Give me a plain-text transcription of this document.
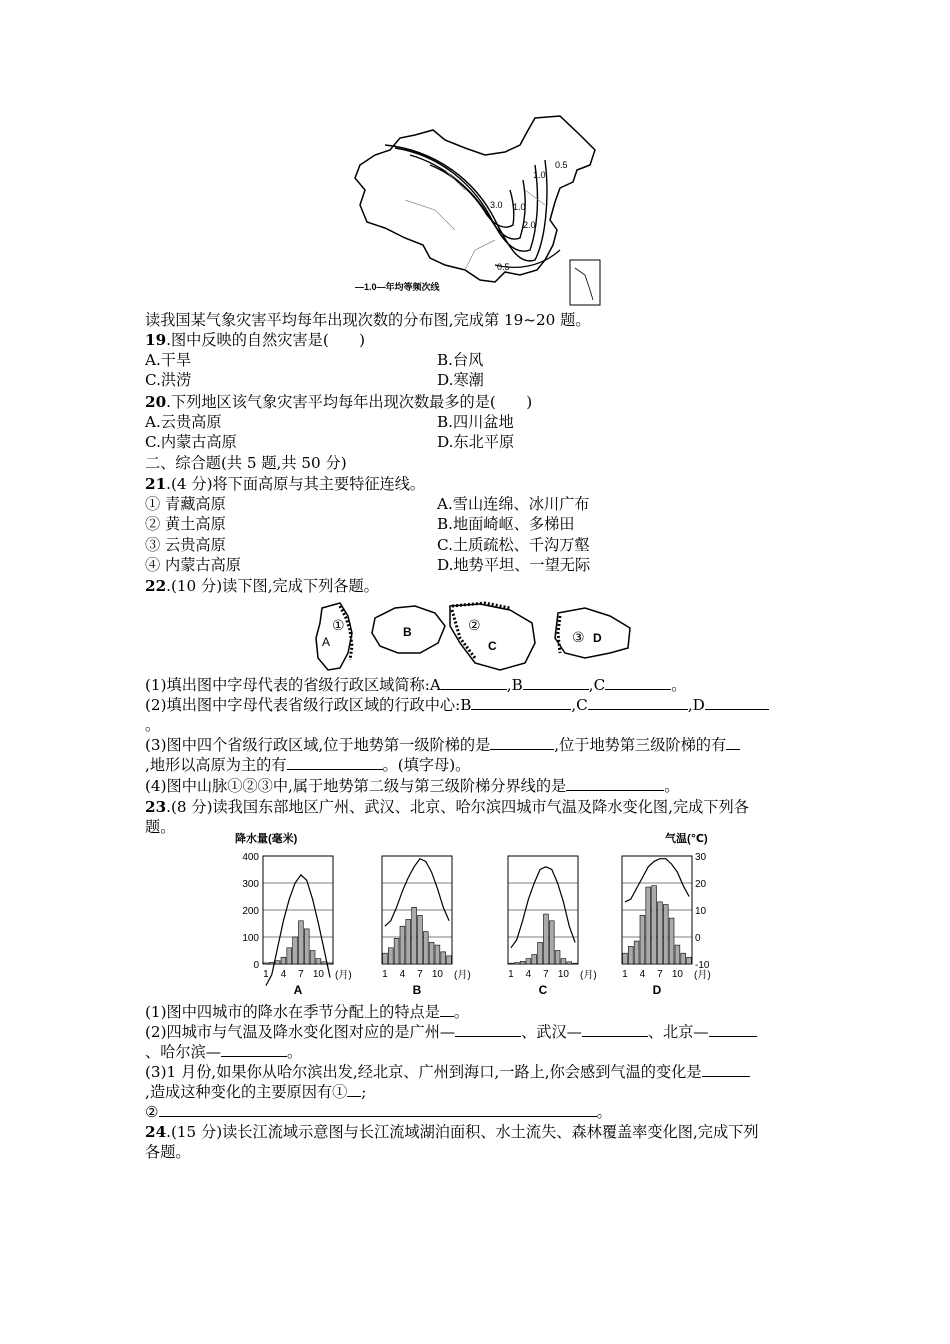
0.5
1.0
3.0
2.0
1.0
0.5
—1.0—年均等频次线
读我国某气象灾害平均每年出现次数的分布图,完成第 19~20 题。
19.图中反映的自然灾害是(　　)
A.干旱	B.台风
C.洪涝	D.寒潮
20.下列地区该气象灾害平均每年出现次数最多的是(　　)
A.云贵高原	B.四川盆地
C.内蒙古高原	D.东北平原
二、综合题(共 5 题,共 50 分)
21.(4 分)将下面高原与其主要特征连线。
① 青藏高原	A.雪山连绵、冰川广布
② 黄土高原	B.地面崎岖、多梯田
③ 云贵高原	C.土质疏松、千沟万壑
④ 内蒙古高原	D.地势平坦、一望无际
22.(10 分)读下图,完成下列各题。
①
A
B	②
C
③ D
(1)填出图中字母代表的省级行政区域简称:A	,B	,C	。
(2)填出图中字母代表省级行政区域的行政中心:B	,C	,D
。
(3)图中四个省级行政区域,位于地势第一级阶梯的是	,位于地势第三级阶梯的有
,地形以高原为主的有	。(填字母)。
(4)图中山脉①②③中,属于地势第二级与第三级阶梯分界线的是	。
23.(8 分)读我国东部地区广州、武汉、北京、哈尔滨四城市气温及降水变化图,完成下列各
题。
降水量(毫米)	气温(℃)
400
300
200
100
0
30
20
10
0
-10
1 4 7 10 (月)
A
1 4 7 10 (月)
B
1 4 7 10 (月)
C
1 4 7 10 (月)
D
(1)图中四城市的降水在季节分配上的特点是 。
(2)四城市与气温及降水变化图对应的是广州—	、武汉—	、北京—
、哈尔滨—	。
(3)1 月份,如果你从哈尔滨出发,经北京、广州到海口,一路上,你会感到气温的变化是
,造成这种变化的主要原因有① ;
②	。
24.(15 分)读长江流域示意图与长江流域湖泊面积、水土流失、森林覆盖率变化图,完成下列
各题。
